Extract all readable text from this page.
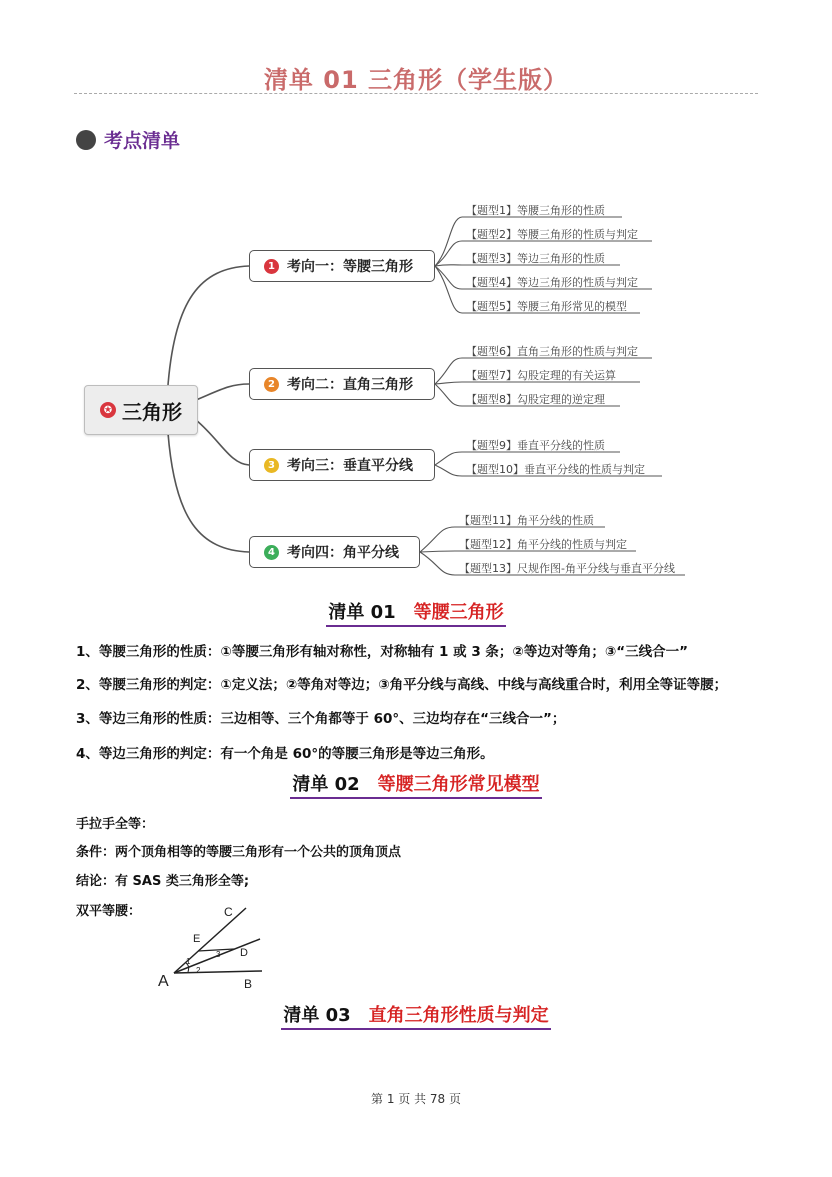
清单 01 三角形（学生版）
考点清单
✪ 三角形
1 考向一：等腰三角形
2 考向二：直角三角形
3 考向三：垂直平分线
4 考向四：角平分线
【题型1】等腰三角形的性质
【题型2】等腰三角形的性质与判定
【题型3】等边三角形的性质
【题型4】等边三角形的性质与判定
【题型5】等腰三角形常见的模型
【题型6】直角三角形的性质与判定
【题型7】勾股定理的有关运算
【题型8】勾股定理的逆定理
【题型9】垂直平分线的性质
【题型10】垂直平分线的性质与判定
【题型11】角平分线的性质
【题型12】角平分线的性质与判定
【题型13】尺规作图-角平分线与垂直平分线
清单 01 等腰三角形
1、等腰三角形的性质：①等腰三角形有轴对称性，对称轴有 1 或 3 条；②等边对等角；③“三线合一”
2、等腰三角形的判定：①定义法；②等角对等边；③角平分线与高线、中线与高线重合时，利用全等证等腰；
3、等边三角形的性质：三边相等、三个角都等于 60°、三边均存在“三线合一”；
4、等边三角形的判定：有一个角是 60°的等腰三角形是等边三角形。
清单 02 等腰三角形常见模型
手拉手全等：
条件：两个顶角相等的等腰三角形有一个公共的顶角顶点
结论：有 SAS 类三角形全等;
双平等腰：
A	B
C
D
E
1
2
3
清单 03 直角三角形性质与判定
第 1 页 共 78 页
